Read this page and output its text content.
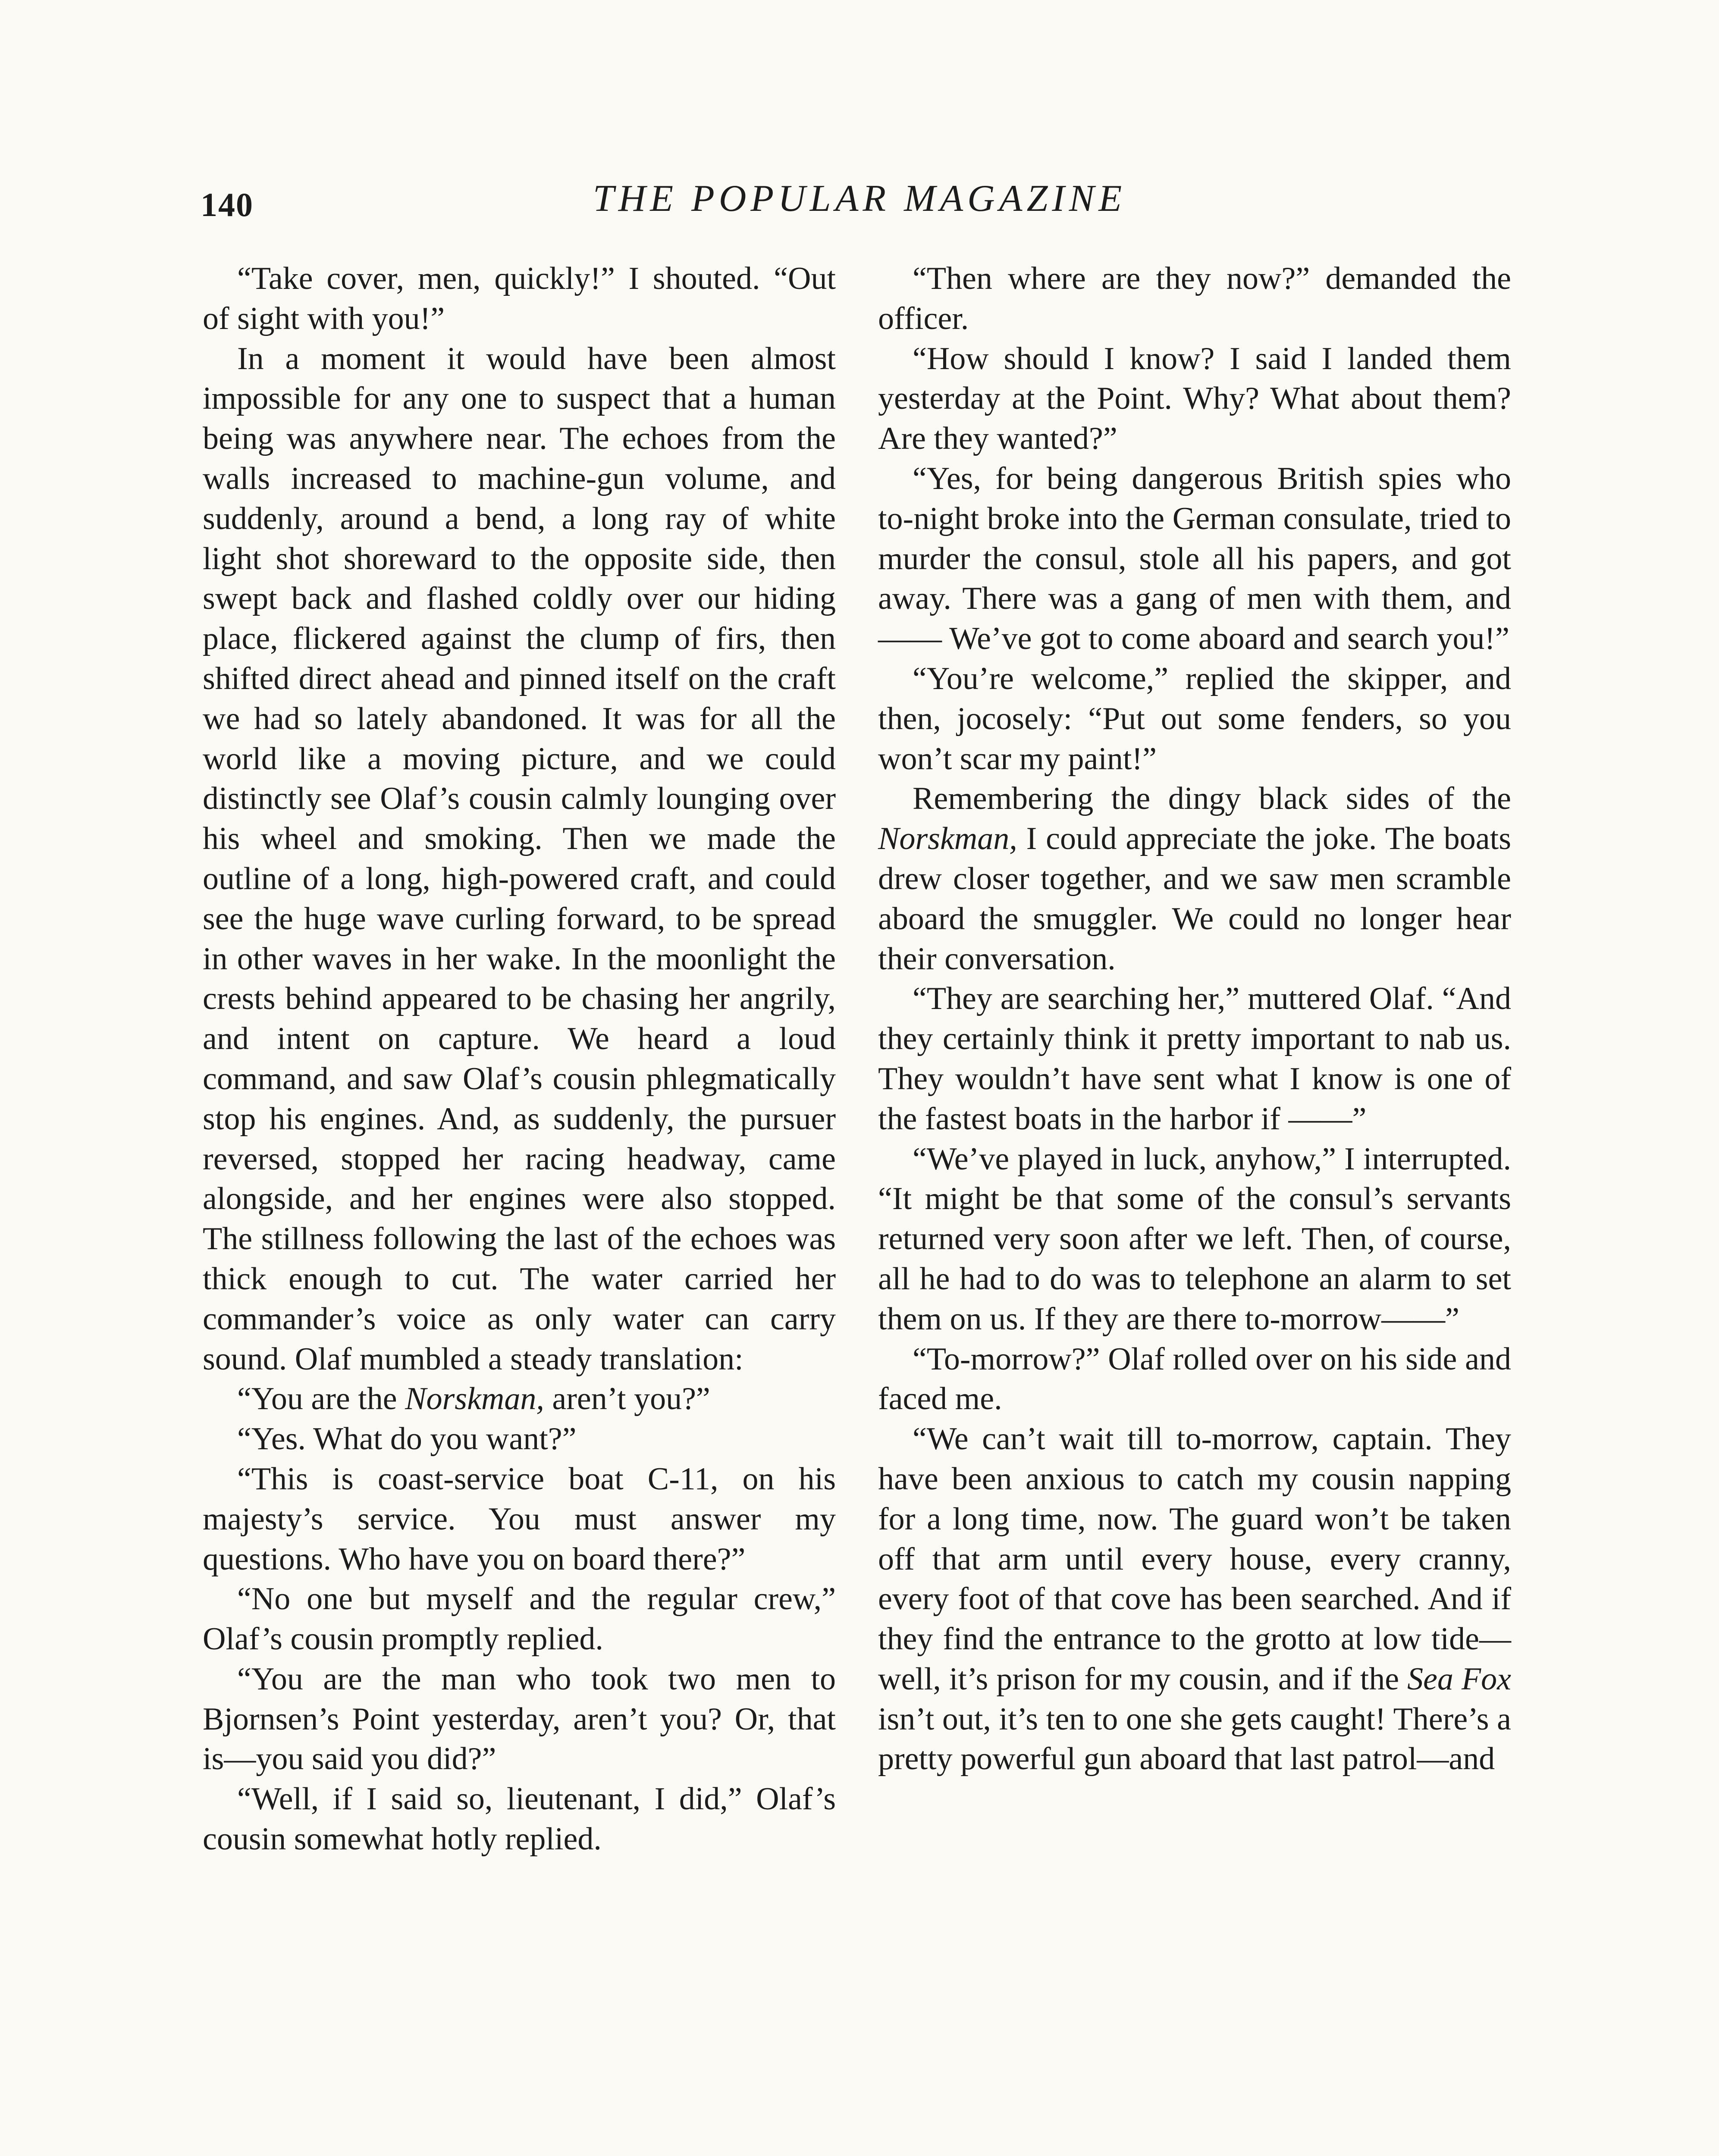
140	THE POPULAR MAGAZINE

“Take cover, men, quickly!” I shouted. “Out of sight with you!”

In a moment it would have been almost impossible for any one to suspect that a human being was anywhere near. The echoes from the walls increased to machine-gun volume, and suddenly, around a bend, a long ray of white light shot shoreward to the opposite side, then swept back and flashed coldly over our hiding place, flickered against the clump of firs, then shifted direct ahead and pinned itself on the craft we had so lately abandoned. It was for all the world like a moving picture, and we could distinctly see Olaf’s cousin calmly lounging over his wheel and smoking. Then we made the outline of a long, high-powered craft, and could see the huge wave curling forward, to be spread in other waves in her wake. In the moonlight the crests behind appeared to be chasing her angrily, and intent on capture. We heard a loud command, and saw Olaf’s cousin phlegmatically stop his engines. And, as suddenly, the pursuer reversed, stopped her racing headway, came alongside, and her engines were also stopped. The stillness following the last of the echoes was thick enough to cut. The water carried her commander’s voice as only water can carry sound. Olaf mumbled a steady translation:

“You are the Norskman, aren’t you?”

“Yes. What do you want?”

“This is coast-service boat C-11, on his majesty’s service. You must answer my questions. Who have you on board there?”

“No one but myself and the regular crew,” Olaf’s cousin promptly replied.

“You are the man who took two men to Bjornsen’s Point yesterday, aren’t you? Or, that is—you said you did?”

“Well, if I said so, lieutenant, I did,” Olaf’s cousin somewhat hotly replied.

“Then where are they now?” demanded the officer.

“How should I know? I said I landed them yesterday at the Point. Why? What about them? Are they wanted?”

“Yes, for being dangerous British spies who to-night broke into the German consulate, tried to murder the consul, stole all his papers, and got away. There was a gang of men with them, and—— We’ve got to come aboard and search you!”

“You’re welcome,” replied the skipper, and then, jocosely: “Put out some fenders, so you won’t scar my paint!”

Remembering the dingy black sides of the Norskman, I could appreciate the joke. The boats drew closer together, and we saw men scramble aboard the smuggler. We could no longer hear their conversation.

“They are searching her,” muttered Olaf. “And they certainly think it pretty important to nab us. They wouldn’t have sent what I know is one of the fastest boats in the harbor if ——”

“We’ve played in luck, anyhow,” I interrupted. “It might be that some of the consul’s servants returned very soon after we left. Then, of course, all he had to do was to telephone an alarm to set them on us. If they are there to-morrow——”

“To-morrow?” Olaf rolled over on his side and faced me.

“We can’t wait till to-morrow, captain. They have been anxious to catch my cousin napping for a long time, now. The guard won’t be taken off that arm until every house, every cranny, every foot of that cove has been searched. And if they find the entrance to the grotto at low tide—well, it’s prison for my cousin, and if the Sea Fox isn’t out, it’s ten to one she gets caught! There’s a pretty powerful gun aboard that last patrol—and
